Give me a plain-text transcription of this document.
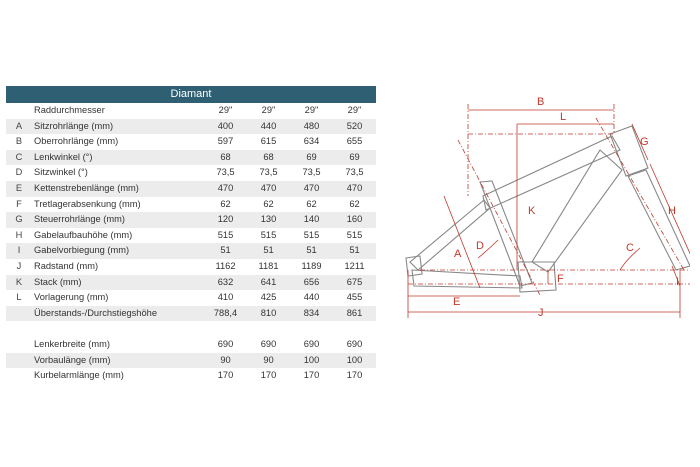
Diamant					
	Raddurchmesser	29"	29"	29"	29"
A	Sitzrohrlänge (mm)	400	440	480	520
B	Oberrohrlänge (mm)	597	615	634	655
C	Lenkwinkel (°)	68	68	69	69
D	Sitzwinkel (°)	73,5	73,5	73,5	73,5
E	Kettenstrebenlänge (mm)	470	470	470	470
F	Tretlagerabsenkung (mm)	62	62	62	62
G	Steuerrohrlänge (mm)	120	130	140	160
H	Gabelaufbauhöhe (mm)	515	515	515	515
I	Gabelvorbiegung (mm)	51	51	51	51
J	Radstand (mm)	1162	1181	1189	1211
K	Stack (mm)	632	641	656	675
L	Vorlagerung (mm)	410	425	440	455
	Überstands-/Durchstiegshöhe	788,4	810	834	861

	Lenkerbreite (mm)	690	690	690	690
	Vorbaulänge (mm)	90	90	100	100
	Kurbelarmlänge (mm)	170	170	170	170
B
L
G
K	H
D
A	C
F	I
E
J
